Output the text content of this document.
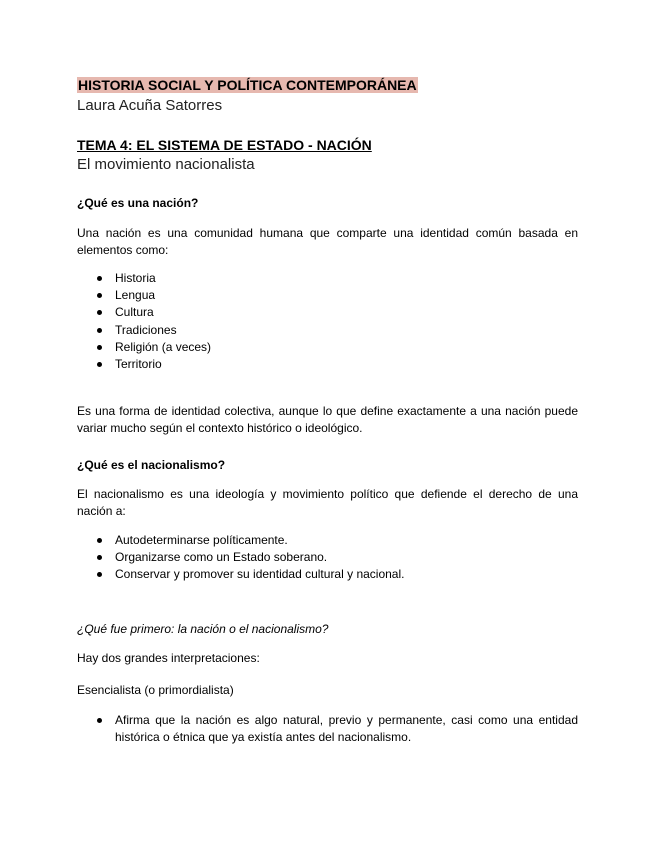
HISTORIA SOCIAL Y POLÍTICA CONTEMPORÁNEA
Laura Acuña Satorres
TEMA 4: EL SISTEMA DE ESTADO - NACIÓN
El movimiento nacionalista
¿Qué es una nación?

Una nación es una comunidad humana que comparte una identidad común basada en elementos como:

Historia
Lengua
Cultura
Tradiciones
Religión (a veces)
Territorio

Es una forma de identidad colectiva, aunque lo que define exactamente a una nación puede variar mucho según el contexto histórico o ideológico.

¿Qué es el nacionalismo?

El nacionalismo es una ideología y movimiento político que defiende el derecho de una nación a:

Autodeterminarse políticamente.
Organizarse como un Estado soberano.
Conservar y promover su identidad cultural y nacional.
¿Qué fue primero: la nación o el nacionalismo?
Hay dos grandes interpretaciones:
Esencialista (o primordialista)
Afirma que la nación es algo natural, previo y permanente, casi como una entidad histórica o étnica que ya existía antes del nacionalismo.
